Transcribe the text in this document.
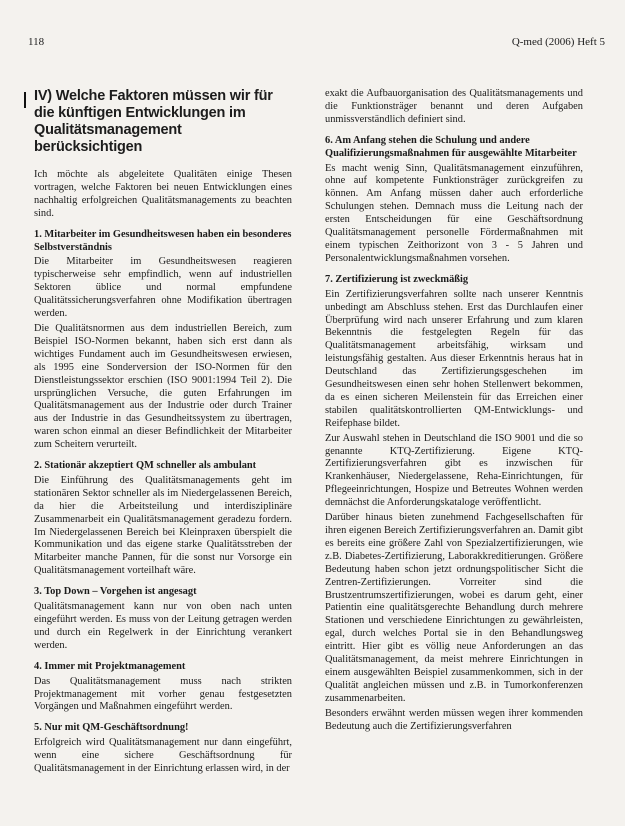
118	Q-med (2006) Heft 5
IV) Welche Faktoren müssen wir für die künftigen Entwicklungen im Qualitätsmanagement berücksichtigen

Ich möchte als abgeleitete Qualitäten einige Thesen vortragen, welche Faktoren bei neuen Entwicklungen eines nachhaltig erfolgreichen Qualitätsmanagements zu beachten sind.

1. Mitarbeiter im Gesundheitswesen haben ein besonderes Selbstverständnis

Die Mitarbeiter im Gesundheitswesen reagieren typischerweise sehr empfindlich, wenn auf industriellen Sektoren üblice und normal empfundene Qualitätssicherungsverfahren ohne Modifikation übertragen werden.

Die Qualitätsnormen aus dem industriellen Bereich, zum Beispiel ISO-Normen bekannt, haben sich erst dann als wichtiges Fundament auch im Gesundheitswesen erwiesen, als 1995 eine Sonderversion der ISO-Normen für den Dienstleistungssektor erschien (ISO 9001:1994 Teil 2). Die ursprünglichen Versuche, die guten Erfahrungen im Qualitätsmanagement aus der Industrie oder durch Trainer aus der Industrie in das Gesundheitssystem zu übertragen, waren schon einmal an dieser Befindlichkeit der Mitarbeiter zum Scheitern verurteilt.

2. Stationär akzeptiert QM schneller als ambulant

Die Einführung des Qualitätsmanagements geht im stationären Sektor schneller als im Niedergelassenen Bereich, da hier die Arbeitsteilung und interdisziplinäre Zusammenarbeit ein Qualitätsmanagement geradezu fordern. Im Niedergelassenen Bereich bei Kleinpraxen überspielt die Kommunikation und das eigene starke Qualitätsstreben der Mitarbeiter manche Pannen, für die sonst nur Vorsorge ein Qualitätsmanagement vorteilhaft wäre.

3. Top Down – Vorgehen ist angesagt

Qualitätsmanagement kann nur von oben nach unten eingeführt werden. Es muss von der Leitung getragen werden und durch ein Regelwerk in der Einrichtung verankert werden.

4. Immer mit Projektmanagement

Das Qualitätsmanagement muss nach strikten Projektmanagement mit vorher genau festgesetzten Vorgängen und Maßnahmen eingeführt werden.

5. Nur mit QM-Geschäftsordnung!

Erfolgreich wird Qualitätsmanagement nur dann eingeführt, wenn eine sichere Geschäftsordnung für Qualitätsmanagement in der Einrichtung erlassen wird, in der

exakt die Aufbauorganisation des Qualitätsmanagements und die Funktionsträger benannt und deren Aufgaben unmissverständlich definiert sind.

6. Am Anfang stehen die Schulung und andere Qualifizierungsmaßnahmen für ausgewählte Mitarbeiter

Es macht wenig Sinn, Qualitätsmanagement einzuführen, ohne auf kompetente Funktionsträger zurückgreifen zu können. Am Anfang müssen daher auch erforderliche Schulungen stehen. Demnach muss die Leitung nach der ersten Entscheidungen für eine Geschäftsordnung Qualitätsmanagement personelle Fördermaßnahmen mit einem typischen Zeithorizont von 3 - 5 Jahren und Personalentwicklungsmaßnahmen vorsehen.

7. Zertifizierung ist zweckmäßig

Ein Zertifizierungsverfahren sollte nach unserer Kenntnis unbedingt am Abschluss stehen. Erst das Durchlaufen einer Überprüfung wird nach unserer Erfahrung und zum klaren Bekenntnis die festgelegten Regeln für das Qualitätsmanagement arbeitsfähig, wirksam und leistungsfähig gestalten. Aus dieser Erkenntnis heraus hat in Deutschland das Zertifizierungsgeschehen im Gesundheitswesen einen sehr hohen Stellenwert bekommen, da es einen sicheren Meilenstein für das Erreichen einer stabilen qualitätskontrollierten QM-Entwicklungs- und Reifephase bildet.

Zur Auswahl stehen in Deutschland die ISO 9001 und die so genannte KTQ-Zertifizierung. Eigene KTQ-Zertifizierungsverfahren gibt es inzwischen für Krankenhäuser, Niedergelassene, Reha-Einrichtungen, für Pflegeeinrichtungen, Hospize und Betreutes Wohnen werden demnächst die Anforderungskataloge veröffentlicht.

Darüber hinaus bieten zunehmend Fachgesellschaften für ihren eigenen Bereich Zertifizierungsverfahren an. Damit gibt es bereits eine größere Zahl von Spezialzertifizierungen, wie z.B. Diabetes-Zertifizierung, Laborakkreditierungen. Größere Bedeutung haben schon jetzt ordnungspolitischer Sicht die Zentren-Zertifizierungen. Vorreiter sind die Brustzentrumszertifizierungen, wobei es darum geht, einer Patientin eine qualitätsgerechte Behandlung durch mehrere Stationen und verschiedene Einrichtungen zu gewährleisten, egal, durch welches Portal sie in den Behandlungsweg eintritt. Hier gibt es völlig neue Anforderungen an das Qualitätsmanagement, da meist mehrere Einrichtungen in einem ausgewählten Beispiel zusammenkommen, sich in der Qualität angleichen müssen und z.B. in Tumorkonferenzen zusammenarbeiten.

Besonders erwähnt werden müssen wegen ihrer kommenden Bedeutung auch die Zertifizierungsverfahren
